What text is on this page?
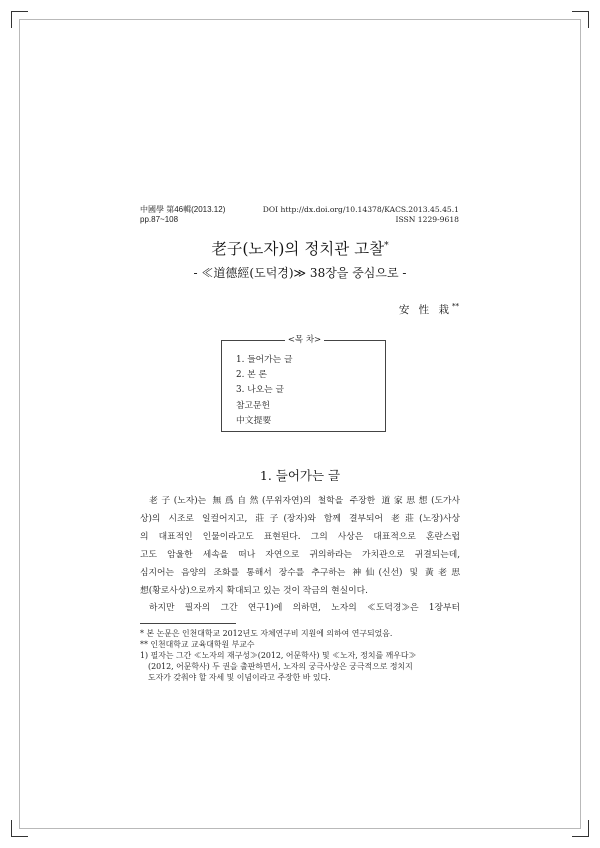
中國學 第46輯(2013.12)
pp.87~108
DOI http://dx.doi.org/10.14378/KACS.2013.45.45.1
ISSN 1229-9618
老子(노자)의 정치관 고찰*
- ≪道德經(도덕경)≫ 38장을 중심으로 -
安 性 栽**
<목 차>
1. 들어가는 글
2. 본 론
3. 나오는 글
참고문헌
中文提要
1. 들어가는 글

老子(노자)는 無爲自然(무위자연)의 철학을 주장한 道家思想(도가사

상)의 시조로 일컬어지고, 莊子(장자)와 함께 결부되어 老莊(노장)사상

의 대표적인 인물이라고도 표현된다. 그의 사상은 대표적으로 혼란스럽

고도 암울한 세속을 떠나 자연으로 귀의하라는 가치관으로 귀결되는데,

심지어는 음양의 조화를 통해서 장수를 추구하는 神仙(신선) 및 黃老思

想(황로사상)으로까지 확대되고 있는 것이 작금의 현실이다.

하지만 필자의 그간 연구1)에 의하면, 노자의 ≪도덕경≫은 1장부터

* 본 논문은 인천대학교 2012년도 자체연구비 지원에 의하여 연구되었음.

** 인천대학교 교육대학원 부교수

1) 필자는 그간 ≪노자의 재구성≫(2012, 어문학사) 및 ≪노자, 정치를 깨우다≫

(2012, 어문학사) 두 권을 출판하면서, 노자의 궁극사상은 궁극적으로 정치지

도자가 갖춰야 할 자세 및 이념이라고 주장한 바 있다.
